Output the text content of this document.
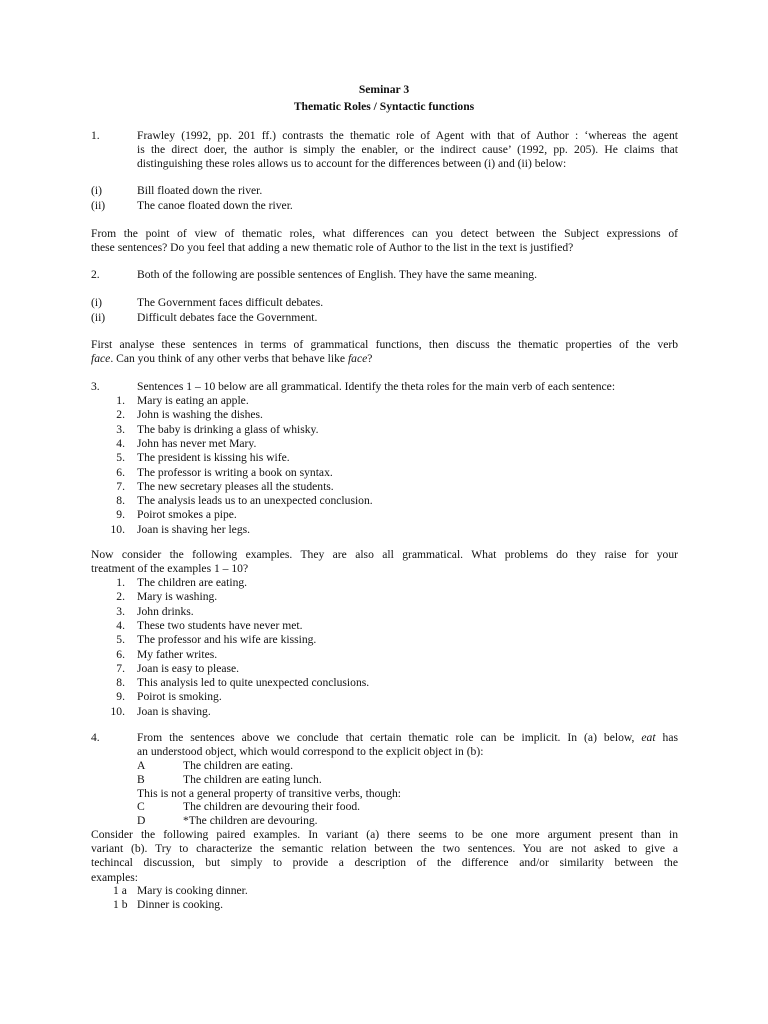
Seminar 3
Thematic Roles / Syntactic functions
1.	Frawley (1992, pp. 201 ff.) contrasts the thematic role of Agent with that of Author : ‘whereas the agent
is the direct doer, the author is simply the enabler, or the indirect cause’ (1992, pp. 205). He claims that
distinguishing these roles allows us to account for the differences between (i) and (ii) below:
(i)	Bill floated down the river.
(ii)	The canoe floated down the river.
From the point of view of thematic roles, what differences can you detect between the Subject expressions of
these sentences? Do you feel that adding a new thematic role of Author to the list in the text is justified?
2.	Both of the following are possible sentences of English. They have the same meaning.
(i)	The Government faces difficult debates.
(ii)	Difficult debates face the Government.
First analyse these sentences in terms of grammatical functions, then discuss the thematic properties of the verb
face. Can you think of any other verbs that behave like face?
3.	Sentences 1 – 10 below are all grammatical. Identify the theta roles for the main verb of each sentence:
1. Mary is eating an apple.
2. John is washing the dishes.
3. The baby is drinking a glass of whisky.
4. John has never met Mary.
5. The president is kissing his wife.
6. The professor is writing a book on syntax.
7. The new secretary pleases all the students.
8. The analysis leads us to an unexpected conclusion.
9. Poirot smokes a pipe.
10. Joan is shaving her legs.
Now consider the following examples. They are also all grammatical. What problems do they raise for your
treatment of the examples 1 – 10?
1. The children are eating.
2. Mary is washing.
3. John drinks.
4. These two students have never met.
5. The professor and his wife are kissing.
6. My father writes.
7. Joan is easy to please.
8. This analysis led to quite unexpected conclusions.
9. Poirot is smoking.
10. Joan is shaving.
4.	From the sentences above we conclude that certain thematic role can be implicit. In (a) below, eat has
an understood object, which would correspond to the explicit object in (b):
A	The children are eating.
B	The children are eating lunch.
This is not a general property of transitive verbs, though:
C	The children are devouring their food.
D	*The children are devouring.
Consider the following paired examples. In variant (a) there seems to be one more argument present than in
variant (b). Try to characterize the semantic relation between the two sentences. You are not asked to give a
techincal discussion, but simply to provide a description of the difference and/or similarity between the
examples:
1 a Mary is cooking dinner.
1 b Dinner is cooking.
